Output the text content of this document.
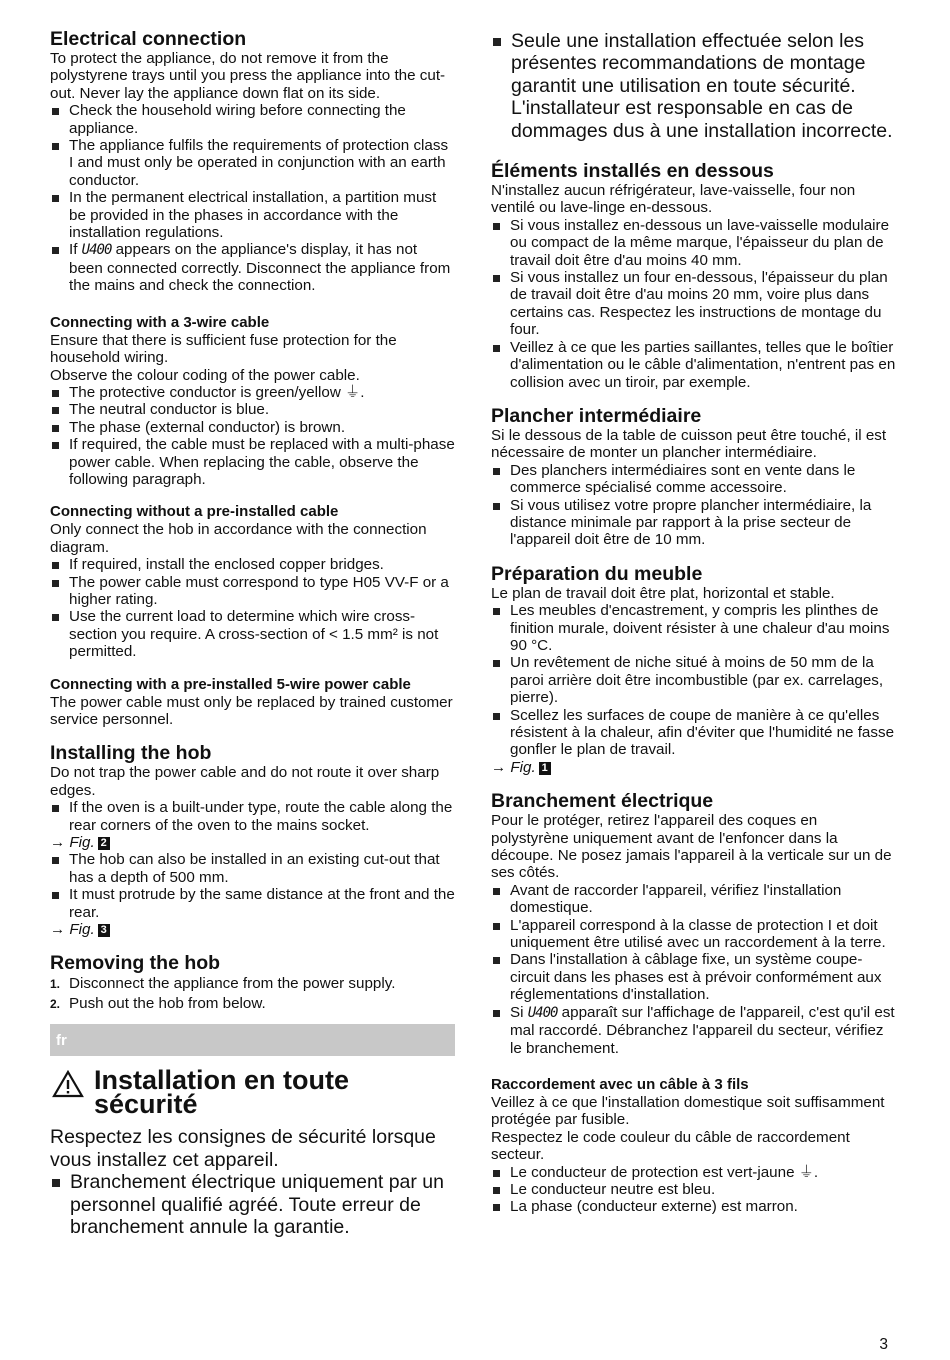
Electrical connection

To protect the appliance, do not remove it from the polystyrene trays until you press the appliance into the cut-out. Never lay the appliance down flat on its side.

Check the household wiring before connecting the appliance.
The appliance fulfils the requirements of protection class I and must only be operated in conjunction with an earth conductor.
In the permanent electrical installation, a partition must be provided in the phases in accordance with the installation regulations.
If U400 appears on the appliance's display, it has not been connected correctly. Disconnect the appliance from the mains and check the connection.
Connecting with a 3-wire cable

Ensure that there is sufficient fuse protection for the household wiring.

Observe the colour coding of the power cable.

The protective conductor is green/yellow ⏚.
The neutral conductor is blue.
The phase (external conductor) is brown.
If required, the cable must be replaced with a multi-phase power cable. When replacing the cable, observe the following paragraph.
Connecting without a pre-installed cable

Only connect the hob in accordance with the connection diagram.

If required, install the enclosed copper bridges.
The power cable must correspond to type H05 VV-F or a higher rating.
Use the current load to determine which wire cross-section you require. A cross-section of < 1.5 mm² is not permitted.
Connecting with a pre-installed 5-wire power cable

The power cable must only be replaced by trained customer service personnel.

Installing the hob

Do not trap the power cable and do not route it over sharp edges.

If the oven is a built-under type, route the cable along the rear corners of the oven to the mains socket.
→ Fig. 2
The hob can also be installed in an existing cut-out that has a depth of 500 mm.
It must protrude by the same distance at the front and the rear.
→ Fig. 3
Removing the hob
1. Disconnect the appliance from the power supply.
2. Push out the hob from below.
fr
Installation en toute
sécurité

Respectez les consignes de sécurité lorsque vous installez cet appareil.

Branchement électrique uniquement par un personnel qualifié agréé. Toute erreur de branchement annule la garantie.
Seule une installation effectuée selon les présentes recommandations de montage garantit une utilisation en toute sécurité. L'installateur est responsable en cas de dommages dus à une installation incorrecte.
Éléments installés en dessous

N'installez aucun réfrigérateur, lave-vaisselle, four non ventilé ou lave-linge en-dessous.

Si vous installez en-dessous un lave-vaisselle modulaire ou compact de la même marque, l'épaisseur du plan de travail doit être d'au moins 40 mm.
Si vous installez un four en-dessous, l'épaisseur du plan de travail doit être d'au moins 20 mm, voire plus dans certains cas. Respectez les instructions de montage du four.
Veillez à ce que les parties saillantes, telles que le boîtier d'alimentation ou le câble d'alimentation, n'entrent pas en collision avec un tiroir, par exemple.
Plancher intermédiaire

Si le dessous de la table de cuisson peut être touché, il est nécessaire de monter un plancher intermédiaire.

Des planchers intermédiaires sont en vente dans le commerce spécialisé comme accessoire.
Si vous utilisez votre propre plancher intermédiaire, la distance minimale par rapport à la prise secteur de l'appareil doit être de 10 mm.
Préparation du meuble

Le plan de travail doit être plat, horizontal et stable.

Les meubles d'encastrement, y compris les plinthes de finition murale, doivent résister à une chaleur d'au moins 90 °C.
Un revêtement de niche situé à moins de 50 mm de la paroi arrière doit être incombustible (par ex. carrelages, pierre).
Scellez les surfaces de coupe de manière à ce qu'elles résistent à la chaleur, afin d'éviter que l'humidité ne fasse gonfler le plan de travail.
→ Fig. 1
Branchement électrique

Pour le protéger, retirez l'appareil des coques en polystyrène uniquement avant de l'enfoncer dans la découpe. Ne posez jamais l'appareil à la verticale sur un de ses côtés.

Avant de raccorder l'appareil, vérifiez l'installation domestique.
L'appareil correspond à la classe de protection I et doit uniquement être utilisé avec un raccordement à la terre.
Dans l'installation à câblage fixe, un système coupe-circuit dans les phases est à prévoir conformément aux réglementations d'installation.
Si U400 apparaît sur l'affichage de l'appareil, c'est qu'il est mal raccordé. Débranchez l'appareil du secteur, vérifiez le branchement.
Raccordement avec un câble à 3 fils

Veillez à ce que l'installation domestique soit suffisamment protégée par fusible.

Respectez le code couleur du câble de raccordement secteur.

Le conducteur de protection est vert-jaune ⏚.
Le conducteur neutre est bleu.
La phase (conducteur externe) est marron.
3
